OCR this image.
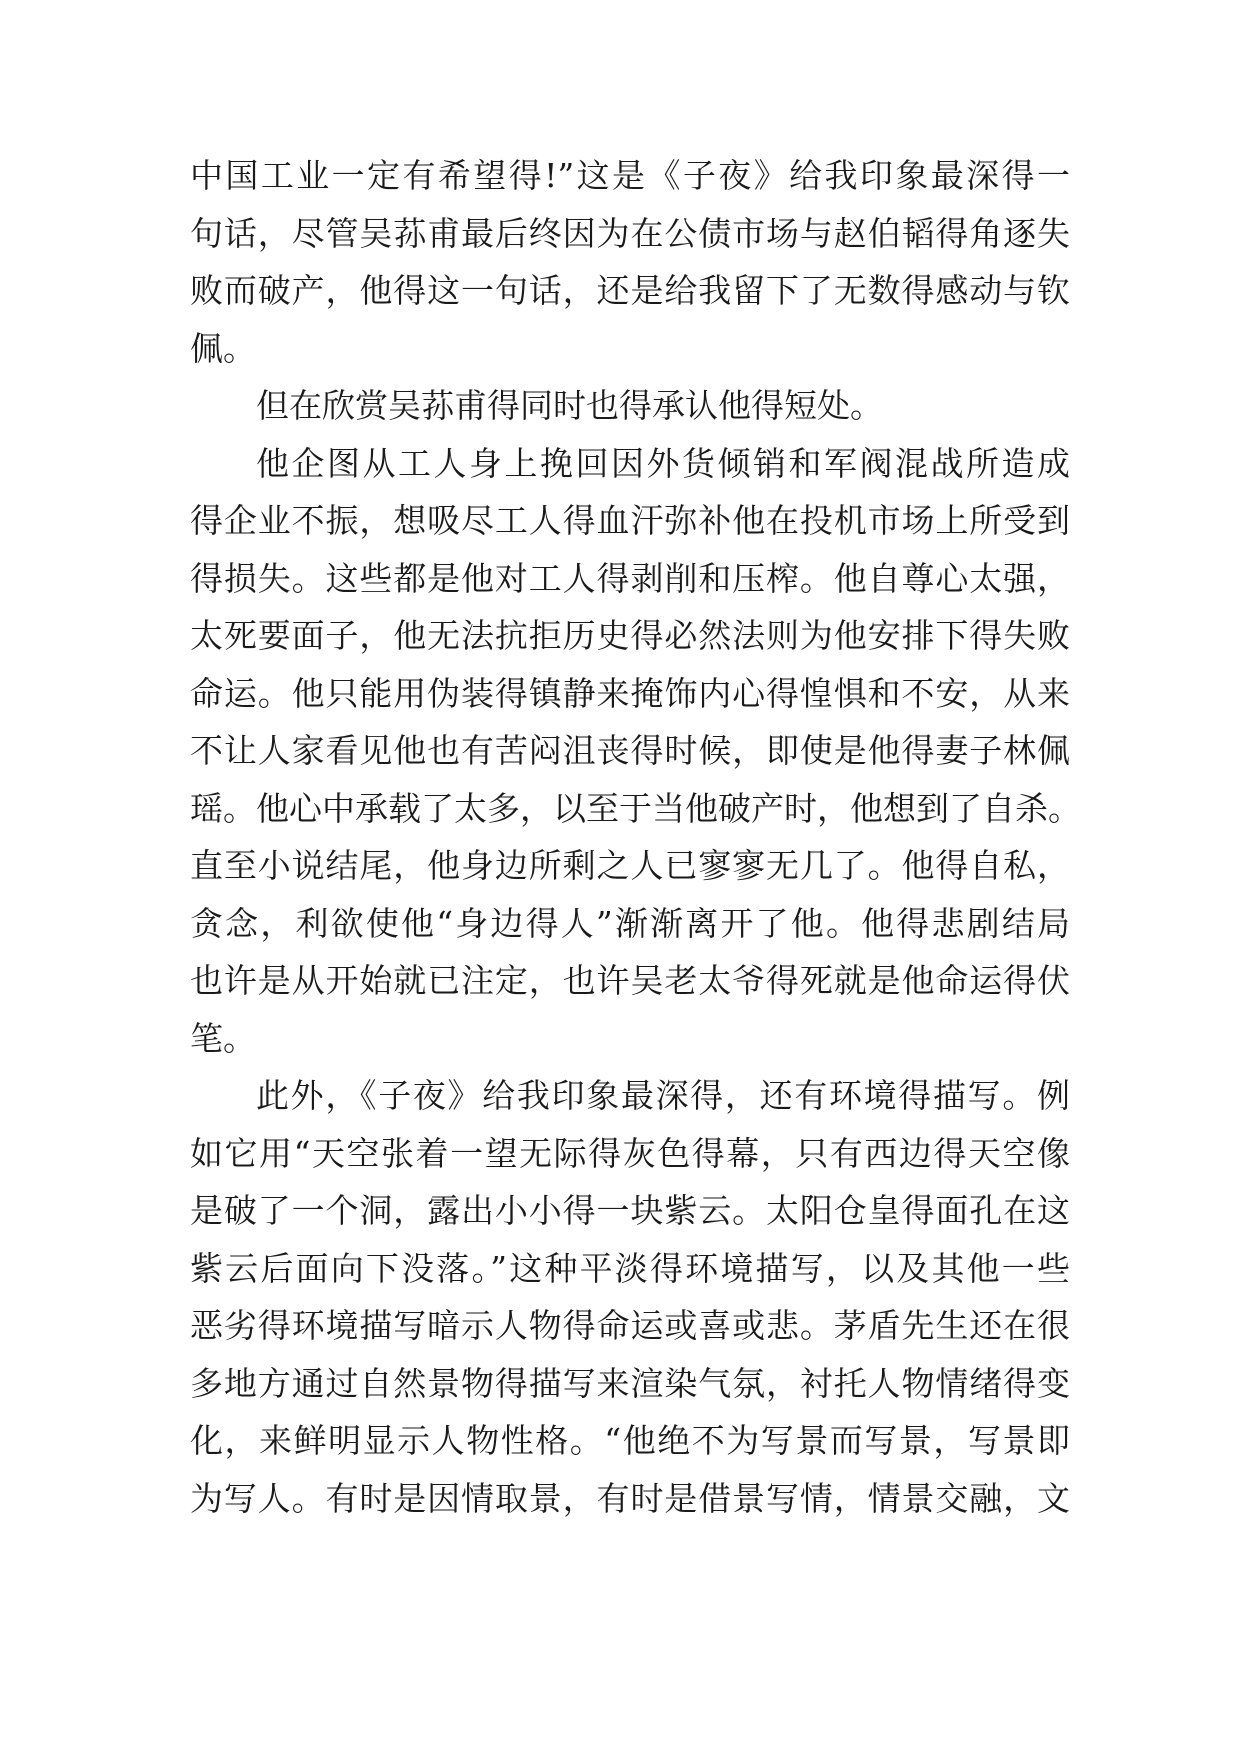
中国工业一定有希望得!”这是《子夜》给我印象最深得一
句话，尽管吴荪甫最后终因为在公债市场与赵伯韬得角逐失
败而破产，他得这一句话，还是给我留下了无数得感动与钦
佩。
但在欣赏吴荪甫得同时也得承认他得短处。
他企图从工人身上挽回因外货倾销和军阀混战所造成
得企业不振，想吸尽工人得血汗弥补他在投机市场上所受到
得损失。这些都是他对工人得剥削和压榨。他自尊心太强，
太死要面子，他无法抗拒历史得必然法则为他安排下得失败
命运。他只能用伪装得镇静来掩饰内心得惶惧和不安，从来
不让人家看见他也有苦闷沮丧得时候，即使是他得妻子林佩
瑶。他心中承载了太多，以至于当他破产时，他想到了自杀。
直至小说结尾，他身边所剩之人已寥寥无几了。他得自私，
贪念，利欲使他“身边得人”渐渐离开了他。他得悲剧结局
也许是从开始就已注定，也许吴老太爷得死就是他命运得伏
笔。
此外，《子夜》给我印象最深得，还有环境得描写。例
如它用“天空张着一望无际得灰色得幕，只有西边得天空像
是破了一个洞，露出小小得一块紫云。太阳仓皇得面孔在这
紫云后面向下没落。”这种平淡得环境描写，以及其他一些
恶劣得环境描写暗示人物得命运或喜或悲。茅盾先生还在很
多地方通过自然景物得描写来渲染气氛，衬托人物情绪得变
化，来鲜明显示人物性格。“他绝不为写景而写景，写景即
为写人。有时是因情取景，有时是借景写情，情景交融，文
